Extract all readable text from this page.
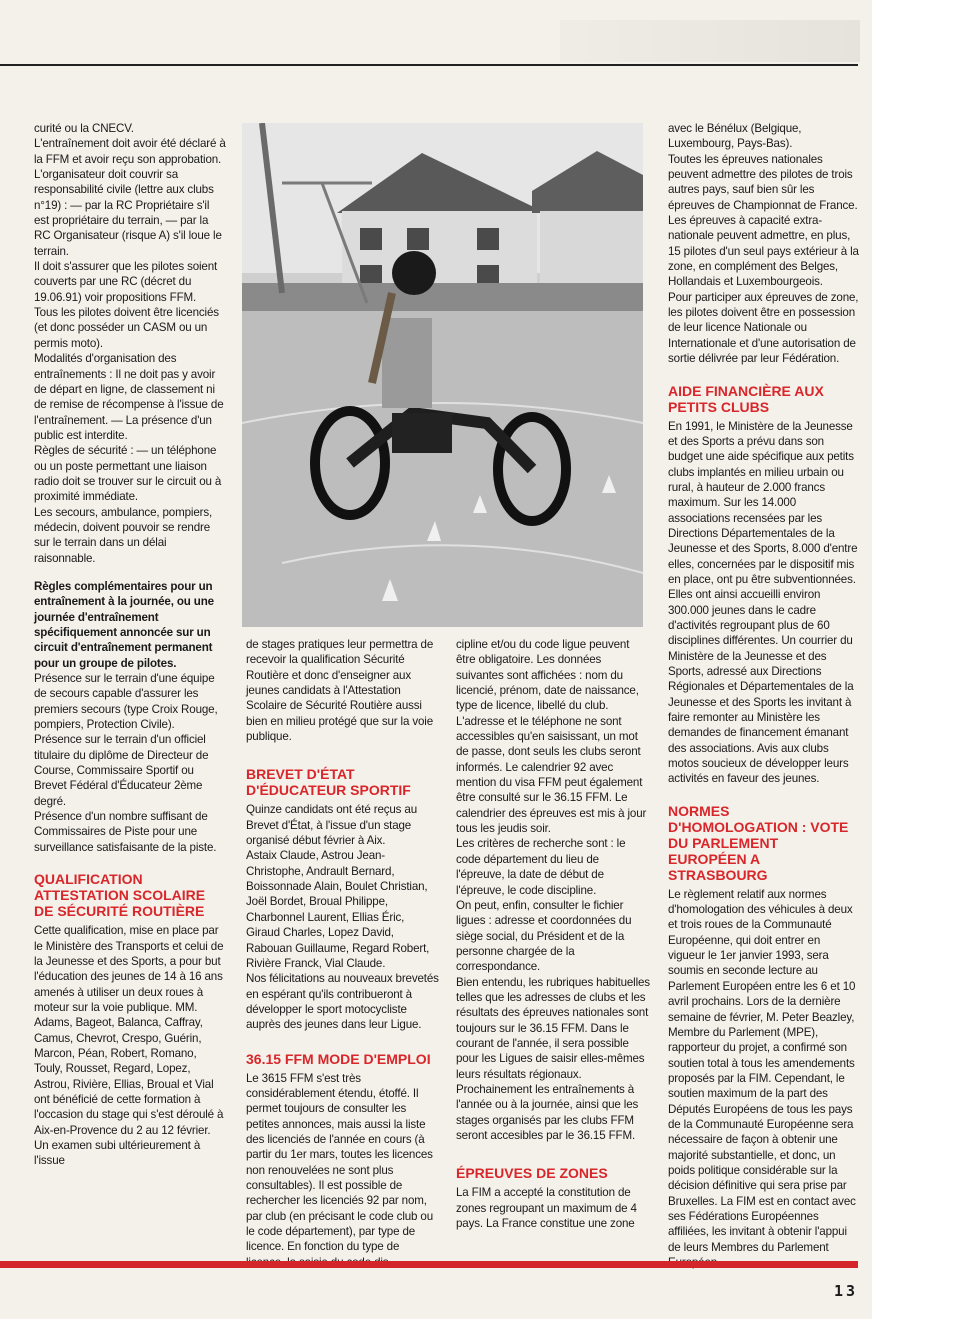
curité ou la CNECV.

L'entraînement doit avoir été déclaré à la FFM et avoir reçu son approbation.

L'organisateur doit couvrir sa responsabilité civile (lettre aux clubs n°19) : — par la RC Propriétaire s'il est propriétaire du terrain, — par la RC Organisateur (risque A) s'il loue le terrain.

Il doit s'assurer que les pilotes soient couverts par une RC (décret du 19.06.91) voir propositions FFM.

Tous les pilotes doivent être licenciés (et donc posséder un CASM ou un permis moto).

Modalités d'organisation des entraînements : Il ne doit pas y avoir de départ en ligne, de classement ni de remise de récompense à l'issue de l'entraînement. — La présence d'un public est interdite.

Règles de sécurité : — un téléphone ou un poste permettant une liaison radio doit se trouver sur le circuit ou à proximité immédiate.

Les secours, ambulance, pompiers, médecin, doivent pouvoir se rendre sur le terrain dans un délai raisonnable.

Règles complémentaires pour un entraînement à la journée, ou une journée d'entraînement spécifiquement annoncée sur un circuit d'entraînement permanent pour un groupe de pilotes.

Présence sur le terrain d'une équipe de secours capable d'assurer les premiers secours (type Croix Rouge, pompiers, Protection Civile).

Présence sur le terrain d'un officiel titulaire du diplôme de Directeur de Course, Commissaire Sportif ou Brevet Fédéral d'Éducateur 2ème degré.

Présence d'un nombre suffisant de Commissaires de Piste pour une surveillance satisfaisante de la piste.

QUALIFICATION ATTESTATION SCOLAIRE DE SÉCURITÉ ROUTIÈRE

Cette qualification, mise en place par le Ministère des Transports et celui de la Jeunesse et des Sports, a pour but l'éducation des jeunes de 14 à 16 ans amenés à utiliser un deux roues à moteur sur la voie publique. MM. Adams, Bageot, Balanca, Caffray, Camus, Chevrot, Crespo, Guérin, Marcon, Péan, Robert, Romano, Touly, Rousset, Regard, Lopez, Astrou, Rivière, Ellias, Broual et Vial ont bénéficié de cette formation à l'occasion du stage qui s'est déroulé à Aix-en-Provence du 2 au 12 février. Un examen subi ultérieurement à l'issue

de stages pratiques leur permettra de recevoir la qualification Sécurité Routière et donc d'enseigner aux jeunes candidats à l'Attestation Scolaire de Sécurité Routière aussi bien en milieu protégé que sur la voie publique.

BREVET D'ÉTAT D'ÉDUCATEUR SPORTIF

Quinze candidats ont été reçus au Brevet d'État, à l'issue d'un stage organisé début février à Aix.

Astaix Claude, Astrou Jean-Christophe, Andrault Bernard, Boissonnade Alain, Boulet Christian, Joël Bordet, Broual Philippe, Charbonnel Laurent, Ellias Éric, Giraud Charles, Lopez David, Rabouan Guillaume, Regard Robert, Rivière Franck, Vial Claude.

Nos félicitations au nouveaux brevetés en espérant qu'ils contribueront à développer le sport motocycliste auprès des jeunes dans leur Ligue.

36.15 FFM MODE D'EMPLOI

Le 3615 FFM s'est très considérablement étendu, étoffé. Il permet toujours de consulter les petites annonces, mais aussi la liste des licenciés de l'année en cours (à partir du 1er mars, toutes les licences non renouvelées ne sont plus consultables). Il est possible de rechercher les licenciés 92 par nom, par club (en précisant le code club ou le code département), par type de licence. En fonction du type de

cipline et/ou du code ligue peuvent être obligatoire. Les données suivantes sont affichées : nom du licencié, prénom, date de naissance, type de licence, libellé du club. L'adresse et le téléphone ne sont accessibles qu'en saisissant, un mot de passe, dont seuls les clubs seront informés. Le calendrier 92 avec mention du visa FFM peut également être consulté sur le 36.15 FFM. Le calendrier des épreuves est mis à jour tous les jeudis soir.

Les critères de recherche sont : le code département du lieu de l'épreuve, la date de début de l'épreuve, le code discipline.

On peut, enfin, consulter le fichier ligues : adresse et coordonnées du siège social, du Président et de la personne chargée de la correspondance.

Bien entendu, les rubriques habituelles telles que les adresses de clubs et les résultats des épreuves nationales sont toujours sur le 36.15 FFM. Dans le courant de l'année, il sera possible pour les Ligues de saisir elles-mêmes leurs résultats régionaux.

Prochainement les entraînements à l'année ou à la journée, ainsi que les stages organisés par les clubs FFM seront accesibles par le 36.15 FFM.

ÉPREUVES DE ZONES

La FIM a accepté la constitution de zones regroupant un maximum de 4 pays. La France constitue une zone

avec le Bénélux (Belgique, Luxembourg, Pays-Bas).

Toutes les épreuves nationales peuvent admettre des pilotes de trois autres pays, sauf bien sûr les épreuves de Championnat de France. Les épreuves à capacité extra-nationale peuvent admettre, en plus, 15 pilotes d'un seul pays extérieur à la zone, en complément des Belges, Hollandais et Luxembourgeois.

Pour participer aux épreuves de zone, les pilotes doivent être en possession de leur licence Nationale ou Internationale et d'une autorisation de sortie délivrée par leur Fédération.

AIDE FINANCIÈRE AUX PETITS CLUBS

En 1991, le Ministère de la Jeunesse et des Sports a prévu dans son budget une aide spécifique aux petits clubs implantés en milieu urbain ou rural, à hauteur de 2.000 francs maximum. Sur les 14.000 associations recensées par les Directions Départementales de la Jeunesse et des Sports, 8.000 d'entre elles, concernées par le dispositif mis en place, ont pu être subventionnées. Elles ont ainsi accueilli environ 300.000 jeunes dans le cadre d'activités regroupant plus de 60 disciplines différentes. Un courrier du Ministère de la Jeunesse et des Sports, adressé aux Directions Régionales et Départementales de la Jeunesse et des Sports les invitant à faire remonter au Ministère les demandes de financement émanant des associations. Avis aux clubs motos soucieux de développer leurs activités en faveur des jeunes.

NORMES D'HOMOLOGATION : VOTE DU PARLEMENT EUROPÉEN A STRASBOURG

Le règlement relatif aux normes d'homologation des véhicules à deux et trois roues de la Communauté Européenne, qui doit entrer en vigueur le 1er janvier 1993, sera soumis en seconde lecture au Parlement Européen entre les 6 et 10 avril prochains. Lors de la dernière semaine de février, M. Peter Beazley, Membre du Parlement (MPE), rapporteur du projet, a confirmé son soutien total à tous les amendements proposés par la FIM. Cependant, le soutien maximum de la part des Députés Européens de tous les pays de la Communauté Européenne sera nécessaire de façon à obtenir une majorité substantielle, et donc, un poids politique considérable sur la décision définitive qui sera prise par Bruxelles. La FIM est en contact avec ses Fédérations Européennes affiliées, les invitant à obtenir l'appui de leurs Membres du Parlement

13
